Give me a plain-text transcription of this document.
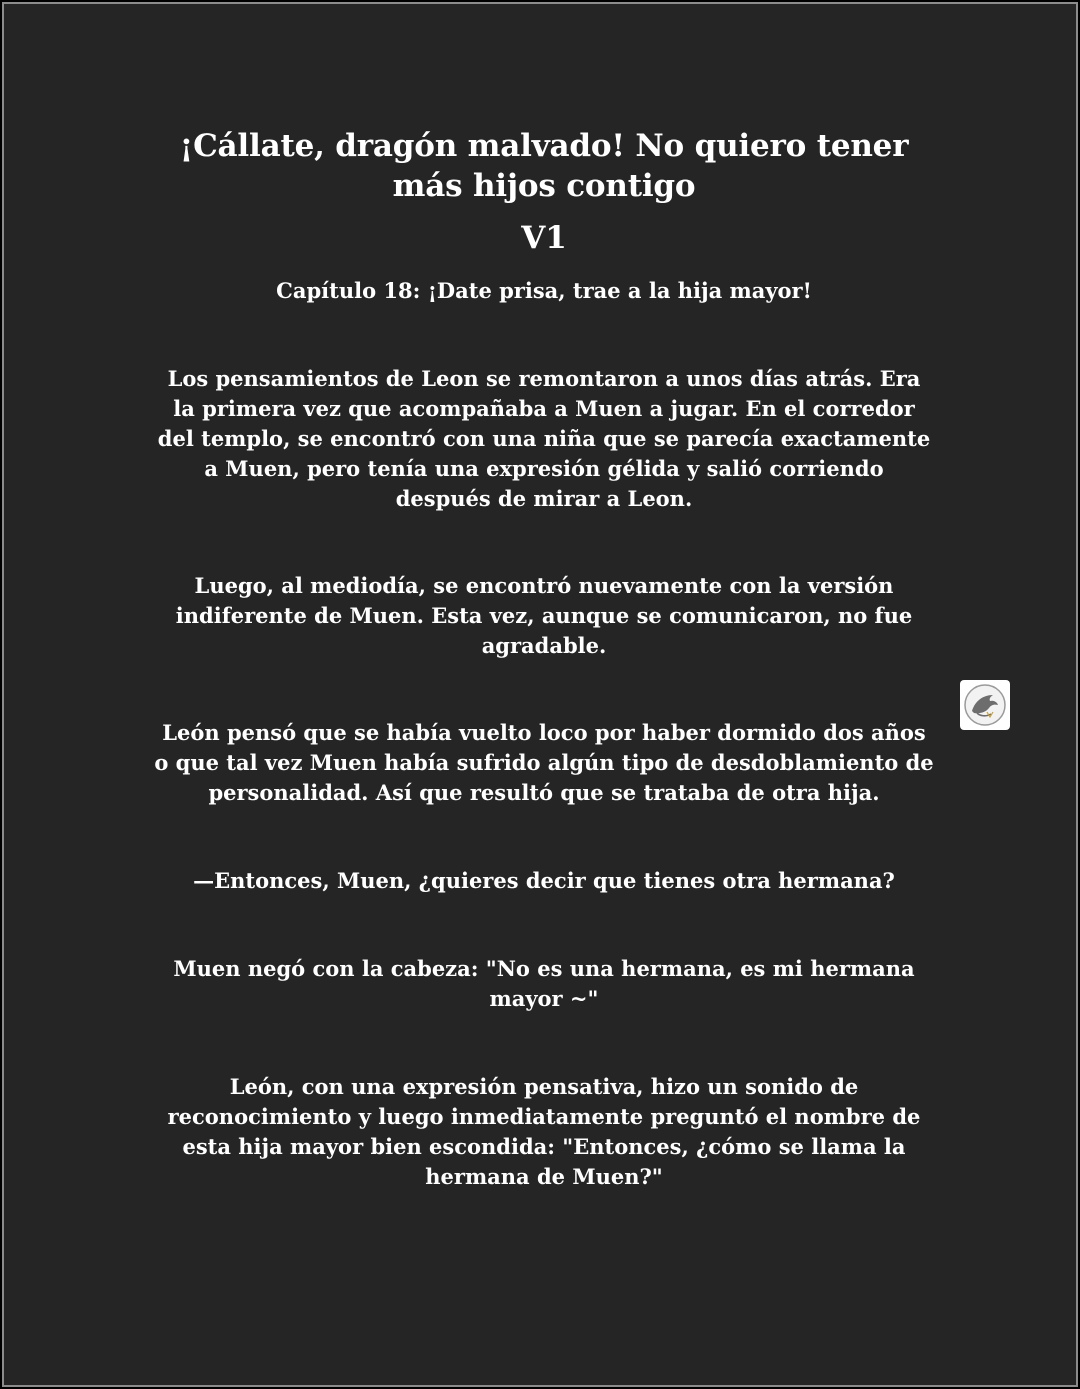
¡Cállate, dragón malvado! No quiero tener más hijos contigo
V1
Capítulo 18: ¡Date prisa, trae a la hija mayor!

Los pensamientos de Leon se remontaron a unos días atrás. Era la primera vez que acompañaba a Muen a jugar. En el corredor del templo, se encontró con una niña que se parecía exactamente a Muen, pero tenía una expresión gélida y salió corriendo después de mirar a Leon.

Luego, al mediodía, se encontró nuevamente con la versión indiferente de Muen. Esta vez, aunque se comunicaron, no fue agradable.

León pensó que se había vuelto loco por haber dormido dos años o que tal vez Muen había sufrido algún tipo de desdoblamiento de personalidad. Así que resultó que se trataba de otra hija.

—Entonces, Muen, ¿quieres decir que tienes otra hermana?

Muen negó con la cabeza: "No es una hermana, es mi hermana mayor ~"

León, con una expresión pensativa, hizo un sonido de reconocimiento y luego inmediatamente preguntó el nombre de esta hija mayor bien escondida: "Entonces, ¿cómo se llama la hermana de Muen?"
